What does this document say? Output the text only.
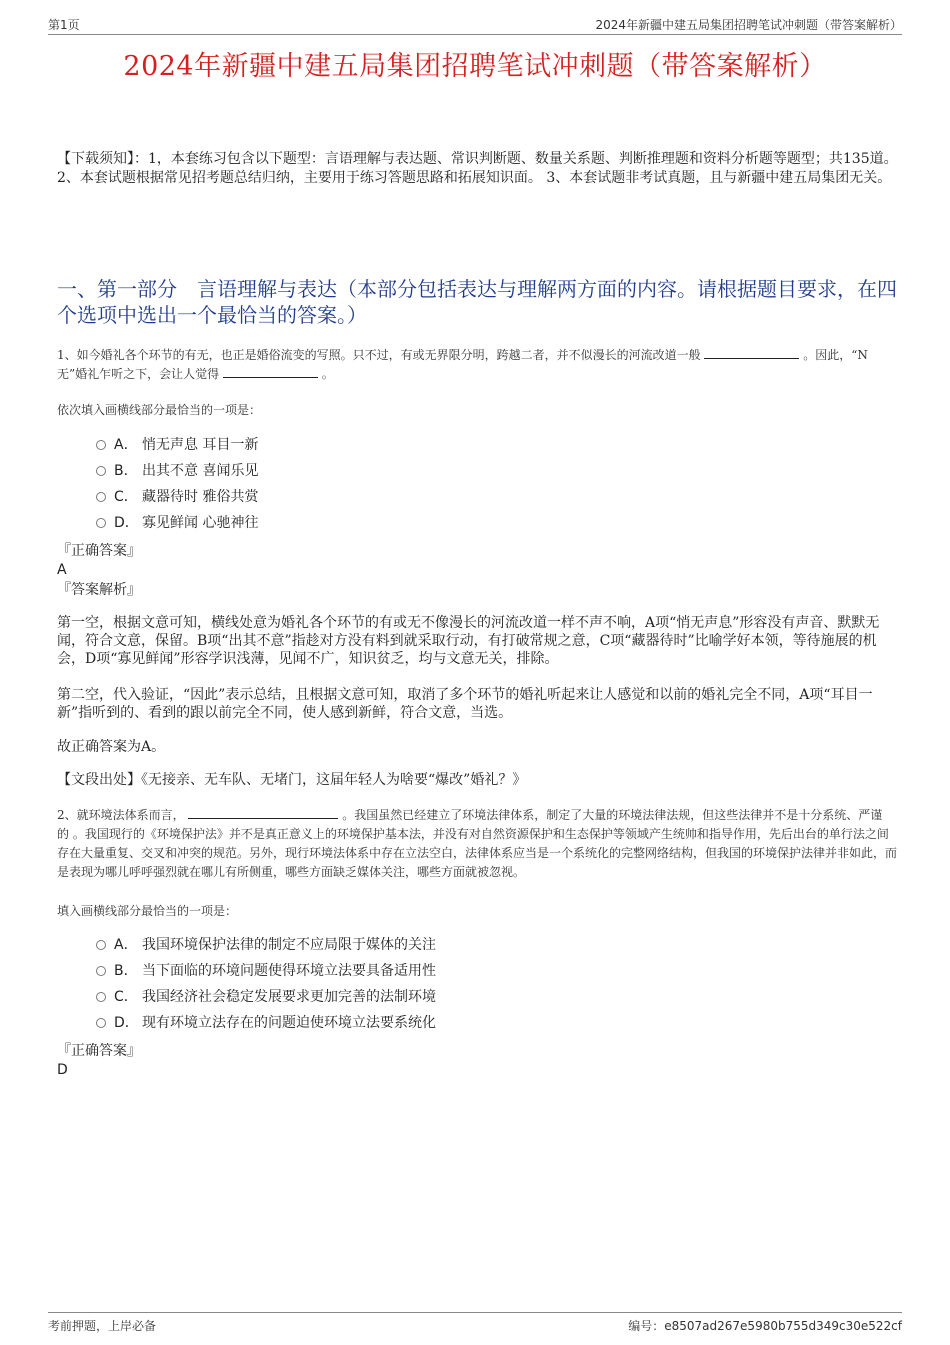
第1页	2024年新疆中建五局集团招聘笔试冲刺题（带答案解析）
2024年新疆中建五局集团招聘笔试冲刺题（带答案解析）
【下载须知】：1，本套练习包含以下题型：言语理解与表达题、常识判断题、数量关系题、判断推理题和资料分析题等题型；共135道。 2、本套试题根据常见招考题总结归纳，主要用于练习答题思路和拓展知识面。 3、本套试题非考试真题，且与新疆中建五局集团无关。
一、第一部分　言语理解与表达（本部分包括表达与理解两方面的内容。请根据题目要求，在四个选项中选出一个最恰当的答案。）
1、如今婚礼各个环节的有无，也正是婚俗流变的写照。只不过，有或无界限分明，跨越二者，并不似漫长的河流改道一般	。因此，“N无”婚礼乍听之下，会让人觉得	。
依次填入画横线部分最恰当的一项是：
A． 悄无声息 耳目一新
B． 出其不意 喜闻乐见
C． 藏器待时 雅俗共赏
D． 寡见鲜闻 心驰神往
『正确答案』
A
『答案解析』
第一空，根据文意可知，横线处意为婚礼各个环节的有或无不像漫长的河流改道一样不声不响，A项“悄无声息”形容没有声音、默默无闻，符合文意，保留。B项“出其不意”指趁对方没有料到就采取行动，有打破常规之意，C项“藏器待时”比喻学好本领，等待施展的机会，D项“寡见鲜闻”形容学识浅薄，见闻不广，知识贫乏，均与文意无关，排除。
第二空，代入验证，“因此”表示总结，且根据文意可知，取消了多个环节的婚礼听起来让人感觉和以前的婚礼完全不同，A项“耳目一新”指听到的、看到的跟以前完全不同，使人感到新鲜，符合文意，当选。
故正确答案为A。
【文段出处】《无接亲、无车队、无堵门，这届年轻人为啥要“爆改”婚礼？》
2、就环境法体系而言，	。我国虽然已经建立了环境法律体系，制定了大量的环境法律法规，但这些法律并不是十分系统、严谨 的 。我国现行的《环境保护法》并不是真正意义上的环境保护基本法，并没有对自然资源保护和生态保护等领域产生统帅和指导作用，先后出台的单行法之间存在大量重复、交叉和冲突的规范。另外，现行环境法体系中存在立法空白，法律体系应当是一个系统化的完整网络结构，但我国的环境保护法律并非如此，而是表现为哪儿呼呼强烈就在哪儿有所侧重，哪些方面缺乏媒体关注，哪些方面就被忽视。
填入画横线部分最恰当的一项是：
A． 我国环境保护法律的制定不应局限于媒体的关注
B． 当下面临的环境问题使得环境立法要具备适用性
C． 我国经济社会稳定发展要求更加完善的法制环境
D． 现有环境立法存在的问题迫使环境立法要系统化
『正确答案』
D
考前押题，上岸必备	编号：e8507ad267e5980b755d349c30e522cf
